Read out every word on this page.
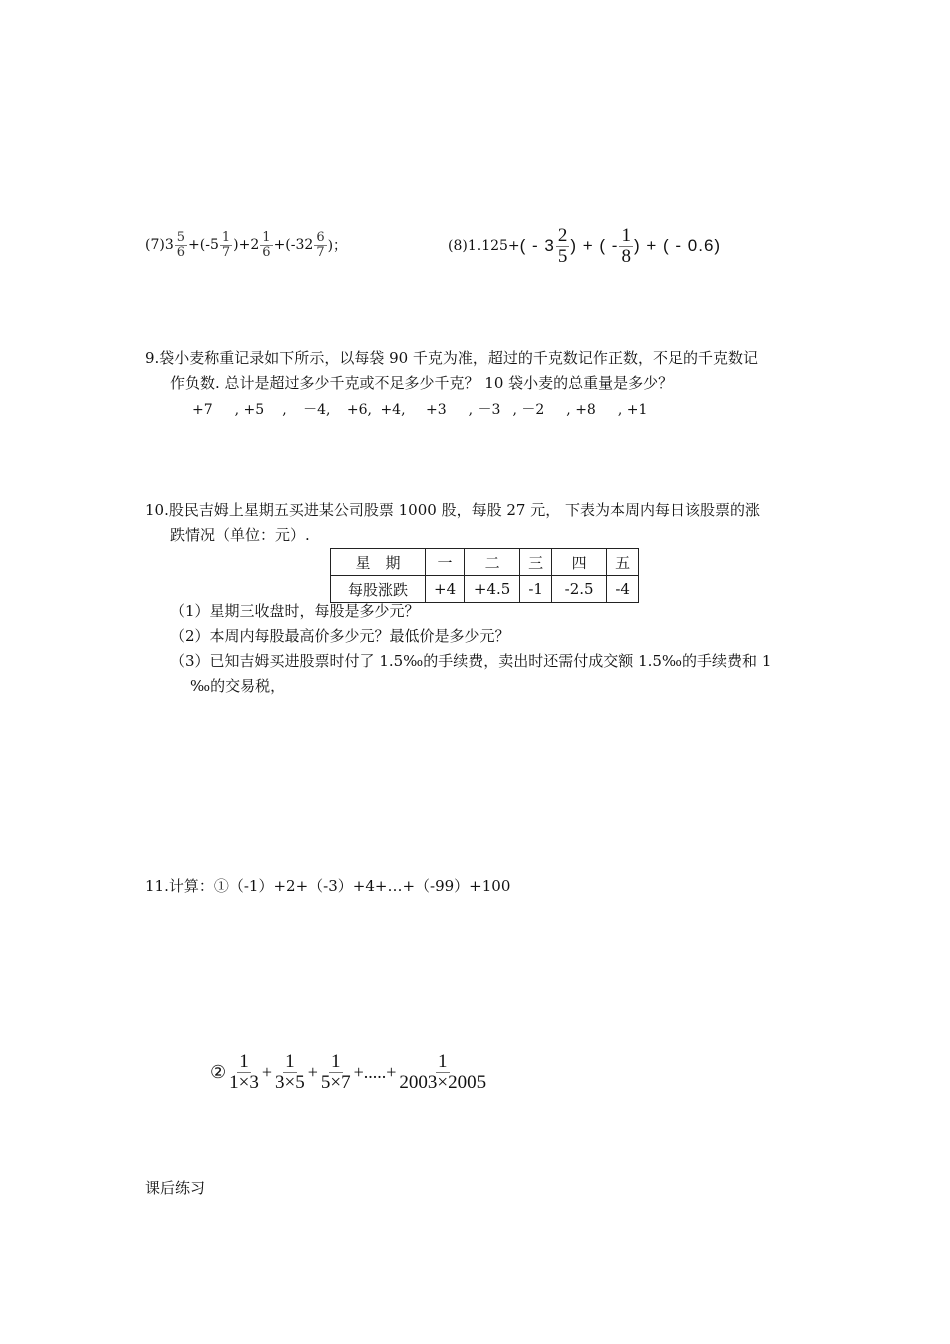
(7) $3 \frac{5}{6} +(-5 \frac{1}{7} )+2 \frac{1}{6} +(-32 \frac{6}{7}$ )；	(8)1.125+ ( - $3 \frac{2}{5}$ ) + ( - $\frac{1}{8}$ ) + ( - 0.6)
9.袋小麦称重记录如下所示，以每袋 90 千克为准，超过的千克数记作正数，不足的千克数记
作负数. 总计是超过多少千克或不足多少千克？ 10 袋小麦的总重量是多少？
+7 , +5 , －4, +6, +4, +3 , －3 , －2 , +8 , +1
10.股民吉姆上星期五买进某公司股票 1000 股，每股 27 元， 下表为本周内每日该股票的涨
跌情况（单位：元）.
星　期	一	二	三	四	五
每股涨跌	+4	+4.5	-1	-2.5	-4
（1）星期三收盘时，每股是多少元？
（2）本周内每股最高价多少元？最低价是多少元？
（3）已知吉姆买进股票时付了 1.5‰的手续费，卖出时还需付成交额 1.5‰的手续费和 1
‰的交易税，
11.计算：①（-1）+2+（-3）+4+…+（-99）+100
② $\frac{1}{1\times 3} + \frac{1}{3\times 5} + \frac{1}{5\times 7}$ +.....+ $\frac{1}{2003\times 2005}$
课后练习
